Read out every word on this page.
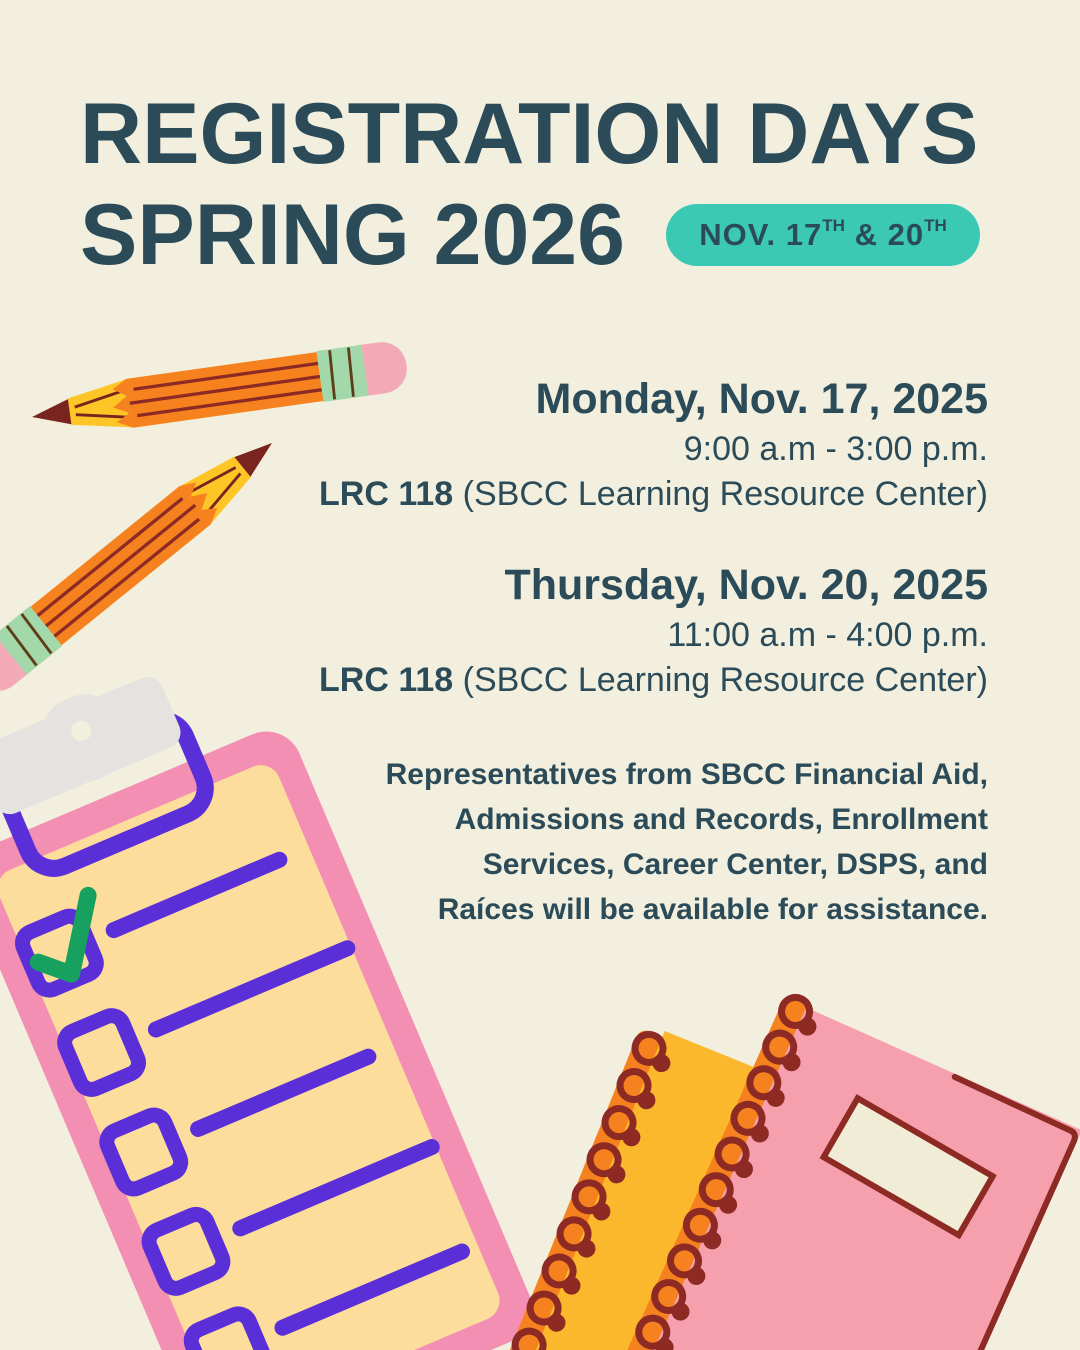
REGISTRATION DAYS
SPRING 2026	NOV. 17TH & 20TH
Monday, Nov. 17, 2025
9:00 a.m - 3:00 p.m.
LRC 118 (SBCC Learning Resource Center)
Thursday, Nov. 20, 2025
11:00 a.m - 4:00 p.m.
LRC 118 (SBCC Learning Resource Center)
Representatives from SBCC Financial Aid,
Admissions and Records, Enrollment
Services, Career Center, DSPS, and
Raíces will be available for assistance.
